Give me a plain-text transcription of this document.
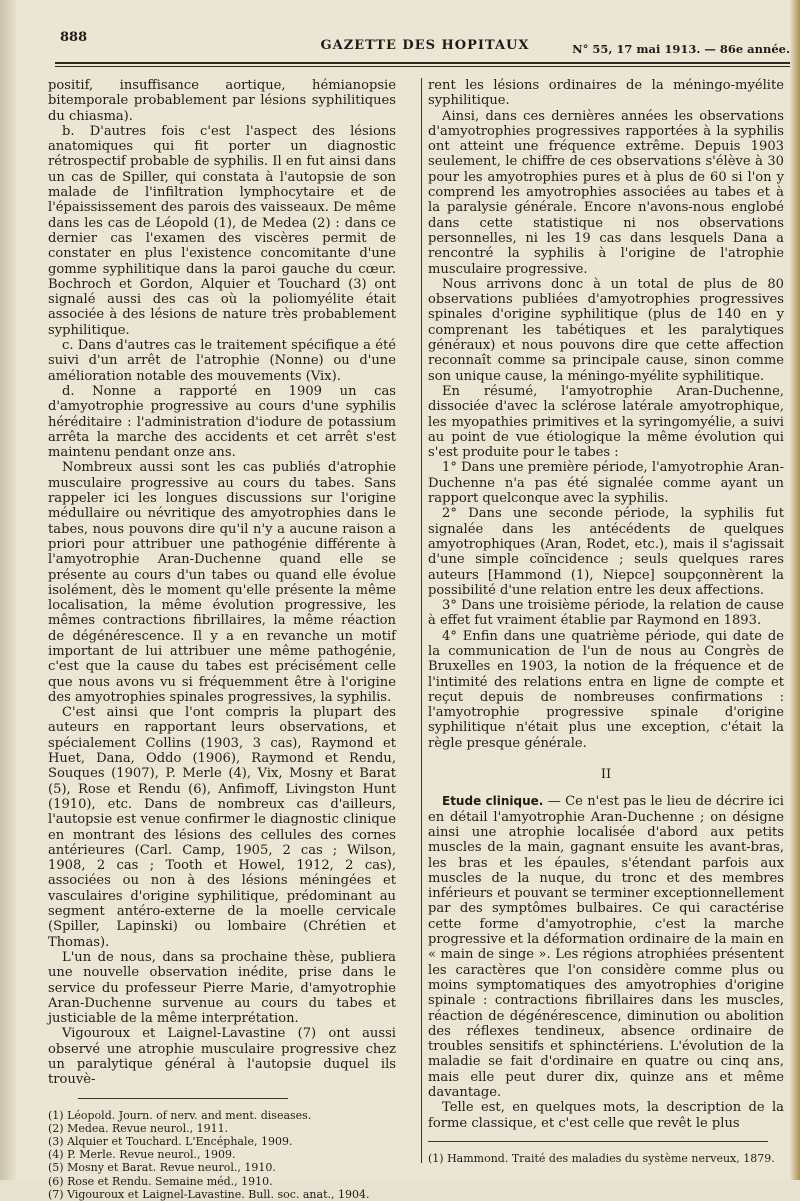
888
GAZETTE DES HOPITAUX	N° 55, 17 mai 1913. — 86e année.

positif, insuffisance aortique, hémianopsie bitemporale probablement par lésions syphilitiques du chiasma).

b. D'autres fois c'est l'aspect des lésions anatomiques qui fit porter un diagnostic rétrospectif probable de syphilis. Il en fut ainsi dans un cas de Spiller, qui constata à l'autopsie de son malade de l'infiltration lymphocytaire et de l'épaississement des parois des vaisseaux. De même dans les cas de Léopold (1), de Medea (2) : dans ce dernier cas l'examen des viscères permit de constater en plus l'existence concomitante d'une gomme syphilitique dans la paroi gauche du cœur. Bochroch et Gordon, Alquier et Touchard (3) ont signalé aussi des cas où la poliomyélite était associée à des lésions de nature très probablement syphilitique.

c. Dans d'autres cas le traitement spécifique a été suivi d'un arrêt de l'atrophie (Nonne) ou d'une amélioration notable des mouvements (Vix).

d. Nonne a rapporté en 1909 un cas d'amyotrophie progressive au cours d'une syphilis héréditaire : l'administration d'iodure de potassium arrêta la marche des accidents et cet arrêt s'est maintenu pendant onze ans.

Nombreux aussi sont les cas publiés d'atrophie musculaire progressive au cours du tabes. Sans rappeler ici les longues discussions sur l'origine médullaire ou névritique des amyotrophies dans le tabes, nous pouvons dire qu'il n'y a aucune raison a priori pour attribuer une pathogénie différente à l'amyotrophie Aran-Duchenne quand elle se présente au cours d'un tabes ou quand elle évolue isolément, dès le moment qu'elle présente la même localisation, la même évolution progressive, les mêmes contractions fibrillaires, la même réaction de dégénérescence. Il y a en revanche un motif important de lui attribuer une même pathogénie, c'est que la cause du tabes est précisément celle que nous avons vu si fréquemment être à l'origine des amyotrophies spinales progressives, la syphilis.

C'est ainsi que l'ont compris la plupart des auteurs en rapportant leurs observations, et spécialement Collins (1903, 3 cas), Raymond et Huet, Dana, Oddo (1906), Raymond et Rendu, Souques (1907), P. Merle (4), Vix, Mosny et Barat (5), Rose et Rendu (6), Anfimoff, Livingston Hunt (1910), etc. Dans de nombreux cas d'ailleurs, l'autopsie est venue confirmer le diagnostic clinique en montrant des lésions des cellules des cornes antérieures (Carl. Camp, 1905, 2 cas ; Wilson, 1908, 2 cas ; Tooth et Howel, 1912, 2 cas), associées ou non à des lésions méningées et vasculaires d'origine syphilitique, prédominant au segment antéro-externe de la moelle cervicale (Spiller, Lapinski) ou lombaire (Chrétien et Thomas).

L'un de nous, dans sa prochaine thèse, publiera une nouvelle observation inédite, prise dans le service du professeur Pierre Marie, d'amyotrophie Aran-Duchenne survenue au cours du tabes et justiciable de la même interprétation.

Vigouroux et Laignel-Lavastine (7) ont aussi observé une atrophie musculaire progressive chez un paralytique général à l'autopsie duquel ils trouvè-

(1) Léopold. Journ. of nerv. and ment. diseases.
(2) Medea. Revue neurol., 1911.
(3) Alquier et Touchard. L'Encéphale, 1909.
(4) P. Merle. Revue neurol., 1909.
(5) Mosny et Barat. Revue neurol., 1910.
(6) Rose et Rendu. Semaine méd., 1910.
(7) Vigouroux et Laignel-Lavastine. Bull. soc. anat., 1904.

rent les lésions ordinaires de la méningo-myélite syphilitique.

Ainsi, dans ces dernières années les observations d'amyotrophies progressives rapportées à la syphilis ont atteint une fréquence extrême. Depuis 1903 seulement, le chiffre de ces observations s'élève à 30 pour les amyotrophies pures et à plus de 60 si l'on y comprend les amyotrophies associées au tabes et à la paralysie générale. Encore n'avons-nous englobé dans cette statistique ni nos observations personnelles, ni les 19 cas dans lesquels Dana a rencontré la syphilis à l'origine de l'atrophie musculaire progressive.

Nous arrivons donc à un total de plus de 80 observations publiées d'amyotrophies progressives spinales d'origine syphilitique (plus de 140 en y comprenant les tabétiques et les paralytiques généraux) et nous pouvons dire que cette affection reconnaît comme sa principale cause, sinon comme son unique cause, la méningo-myélite syphilitique.

En résumé, l'amyotrophie Aran-Duchenne, dissociée d'avec la sclérose latérale amyotrophique, les myopathies primitives et la syringomyélie, a suivi au point de vue étiologique la même évolution qui s'est produite pour le tabes :

1° Dans une première période, l'amyotrophie Aran-Duchenne n'a pas été signalée comme ayant un rapport quelconque avec la syphilis.

2° Dans une seconde période, la syphilis fut signalée dans les antécédents de quelques amyotrophiques (Aran, Rodet, etc.), mais il s'agissait d'une simple coïncidence ; seuls quelques rares auteurs [Hammond (1), Niepce] soupçonnèrent la possibilité d'une relation entre les deux affections.

3° Dans une troisième période, la relation de cause à effet fut vraiment établie par Raymond en 1893.

4° Enfin dans une quatrième période, qui date de la communication de l'un de nous au Congrès de Bruxelles en 1903, la notion de la fréquence et de l'intimité des relations entra en ligne de compte et reçut depuis de nombreuses confirmations : l'amyotrophie progressive spinale d'origine syphilitique n'était plus une exception, c'était la règle presque générale.

II

Etude clinique. — Ce n'est pas le lieu de décrire ici en détail l'amyotrophie Aran-Duchenne ; on désigne ainsi une atrophie localisée d'abord aux petits muscles de la main, gagnant ensuite les avant-bras, les bras et les épaules, s'étendant parfois aux muscles de la nuque, du tronc et des membres inférieurs et pouvant se terminer exceptionnellement par des symptômes bulbaires. Ce qui caractérise cette forme d'amyotrophie, c'est la marche progressive et la déformation ordinaire de la main en « main de singe ». Les régions atrophiées présentent les caractères que l'on considère comme plus ou moins symptomatiques des amyotrophies d'origine spinale : contractions fibrillaires dans les muscles, réaction de dégénérescence, diminution ou abolition des réflexes tendineux, absence ordinaire de troubles sensitifs et sphinctériens. L'évolution de la maladie se fait d'ordinaire en quatre ou cinq ans, mais elle peut durer dix, quinze ans et même davantage.

Telle est, en quelques mots, la description de la forme classique, et c'est celle que revêt le plus

(1) Hammond. Traité des maladies du système nerveux, 1879.
